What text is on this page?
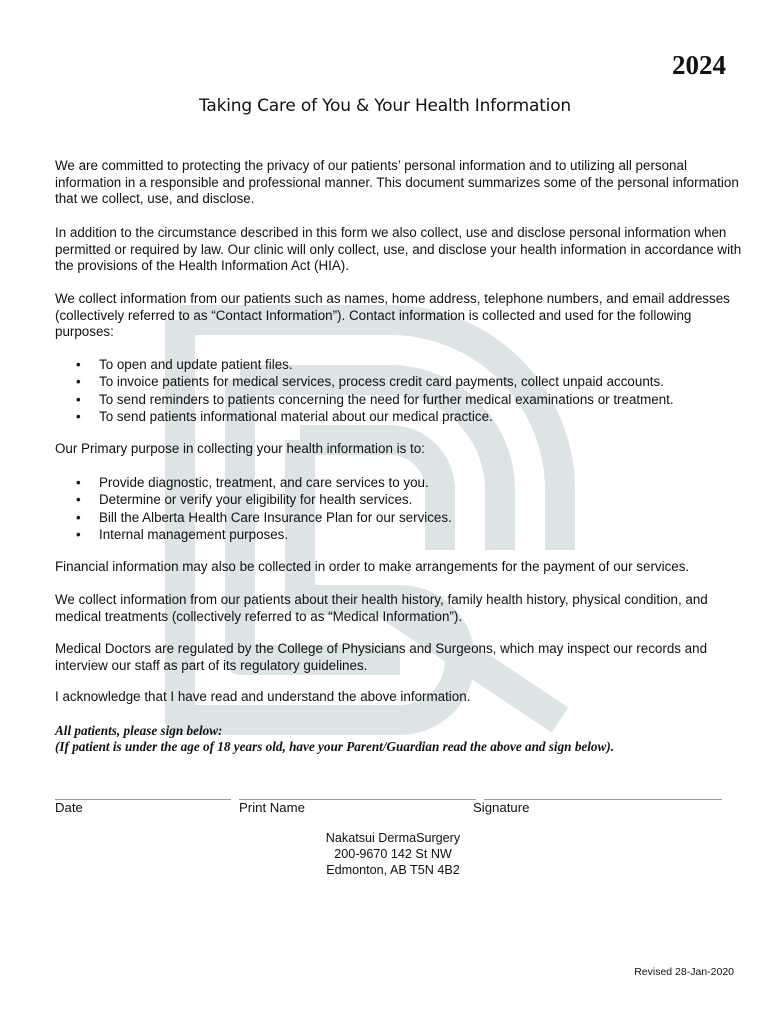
2024
Taking Care of You & Your Health Information

We are committed to protecting the privacy of our patients’ personal information and to utilizing all personal information in a responsible and professional manner. This document summarizes some of the personal information that we collect, use, and disclose.

In addition to the circumstance described in this form we also collect, use and disclose personal information when permitted or required by law. Our clinic will only collect, use, and disclose your health information in accordance with the provisions of the Health Information Act (HIA).

We collect information from our patients such as names, home address, telephone numbers, and email addresses (collectively referred to as “Contact Information”). Contact information is collected and used for the following purposes:

• To open and update patient files.
• To invoice patients for medical services, process credit card payments, collect unpaid accounts.
• To send reminders to patients concerning the need for further medical examinations or treatment.
• To send patients informational material about our medical practice.

Our Primary purpose in collecting your health information is to:

• Provide diagnostic, treatment, and care services to you.
• Determine or verify your eligibility for health services.
• Bill the Alberta Health Care Insurance Plan for our services.
• Internal management purposes.

Financial information may also be collected in order to make arrangements for the payment of our services.

We collect information from our patients about their health history, family health history, physical condition, and medical treatments (collectively referred to as “Medical Information”).

Medical Doctors are regulated by the College of Physicians and Surgeons, which may inspect our records and interview our staff as part of its regulatory guidelines.

I acknowledge that I have read and understand the above information.

All patients, please sign below:
(If patient is under the age of 18 years old, have your Parent/Guardian read the above and sign below).
Date	Print Name	Signature
Nakatsui DermaSurgery
200-9670 142 St NW
Edmonton, AB T5N 4B2
Revised 28-Jan-2020
